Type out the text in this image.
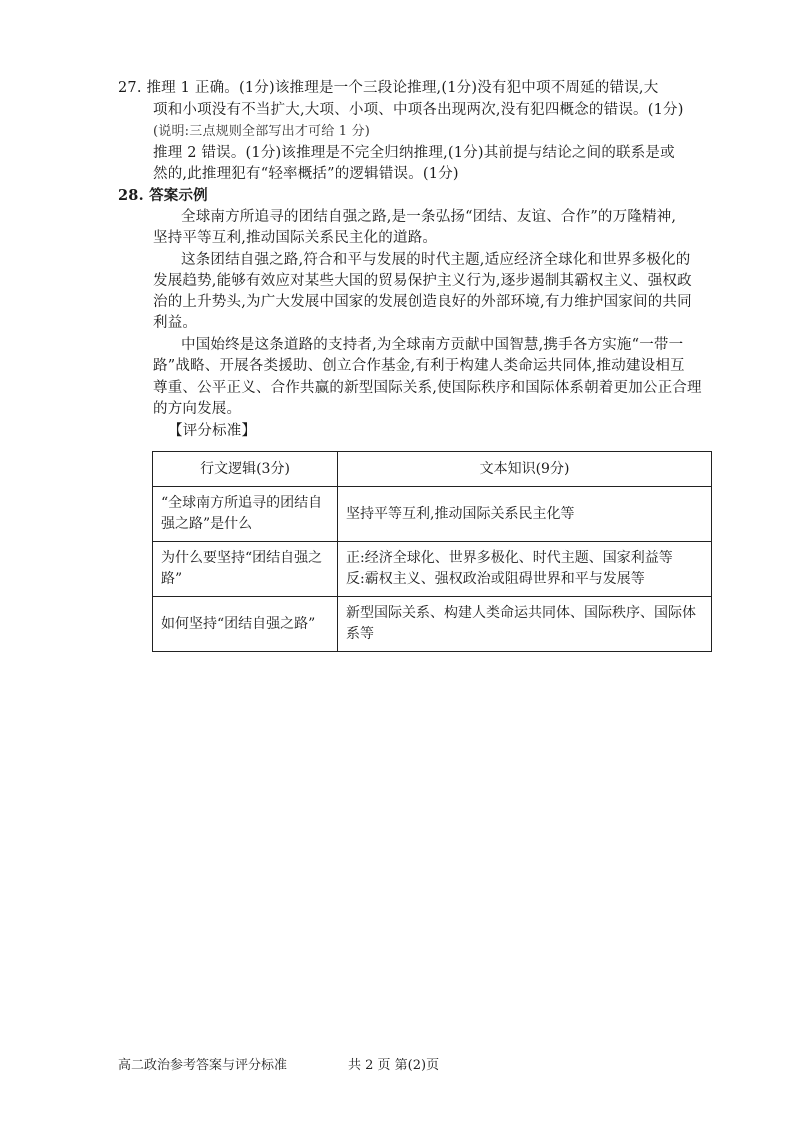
27. 推理 1 正确。(1分)该推理是一个三段论推理,(1分)没有犯中项不周延的错误,大
项和小项没有不当扩大,大项、小项、中项各出现两次,没有犯四概念的错误。(1分)
(说明:三点规则全部写出才可给 1 分)
推理 2 错误。(1分)该推理是不完全归纳推理,(1分)其前提与结论之间的联系是或
然的,此推理犯有“轻率概括”的逻辑错误。(1分)
28. 答案示例
全球南方所追寻的团结自强之路,是一条弘扬“团结、友谊、合作”的万隆精神,
坚持平等互利,推动国际关系民主化的道路。
这条团结自强之路,符合和平与发展的时代主题,适应经济全球化和世界多极化的
发展趋势,能够有效应对某些大国的贸易保护主义行为,逐步遏制其霸权主义、强权政
治的上升势头,为广大发展中国家的发展创造良好的外部环境,有力维护国家间的共同
利益。
中国始终是这条道路的支持者,为全球南方贡献中国智慧,携手各方实施“一带一
路”战略、开展各类援助、创立合作基金,有利于构建人类命运共同体,推动建设相互
尊重、公平正义、合作共赢的新型国际关系,使国际秩序和国际体系朝着更加公正合理
的方向发展。
【评分标准】
行文逻辑(3分)	文本知识(9分)
“全球南方所追寻的团结自强之路”是什么	坚持平等互利,推动国际关系民主化等
为什么要坚持“团结自强之路”	正:经济全球化、世界多极化、时代主题、国家利益等
反:霸权主义、强权政治或阻碍世界和平与发展等
如何坚持“团结自强之路”	新型国际关系、构建人类命运共同体、国际秩序、国际体系等
高二政治参考答案与评分标准	共 2 页 第(2)页
